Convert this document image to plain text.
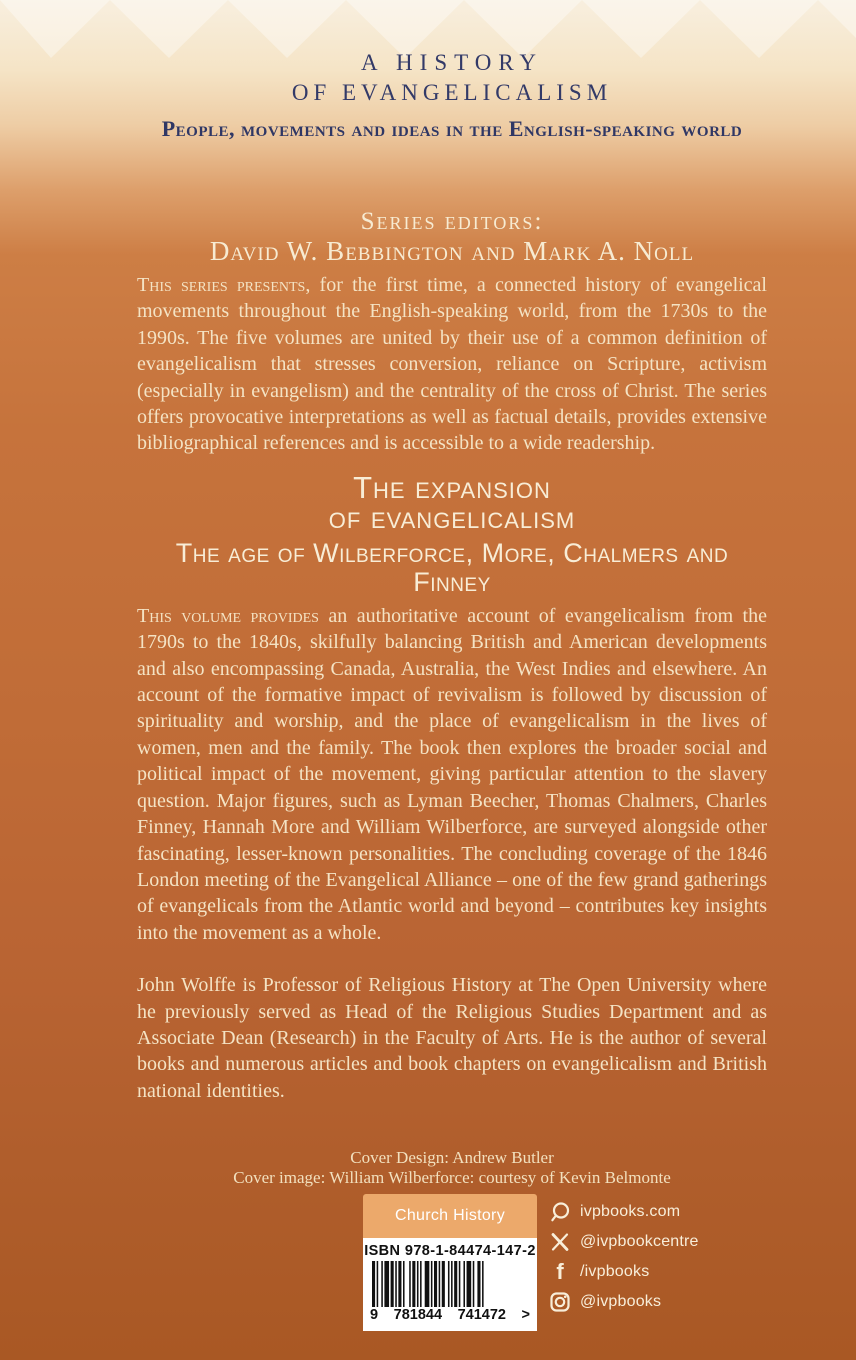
A HISTORY
OF EVANGELICALISM
People, movements and ideas in the English-speaking world
Series editors:
David W. Bebbington and Mark A. Noll

This series presents, for the first time, a connected history of evangelical movements throughout the English-speaking world, from the 1730s to the 1990s. The five volumes are united by their use of a common definition of evangelicalism that stresses conversion, reliance on Scripture, activism (especially in evangelism) and the centrality of the cross of Christ. The series offers provocative interpretations as well as factual details, provides extensive bibliographical references and is accessible to a wide readership.

The expansion
of evangelicalism
The age of Wilberforce, More, Chalmers and Finney

This volume provides an authoritative account of evangelicalism from the 1790s to the 1840s, skilfully balancing British and American developments and also encompassing Canada, Australia, the West Indies and elsewhere. An account of the formative impact of revivalism is followed by discussion of spirituality and worship, and the place of evangelicalism in the lives of women, men and the family. The book then explores the broader social and political impact of the movement, giving particular attention to the slavery question. Major figures, such as Lyman Beecher, Thomas Chalmers, Charles Finney, Hannah More and William Wilberforce, are surveyed alongside other fascinating, lesser-known personalities. The concluding coverage of the 1846 London meeting of the Evangelical Alliance – one of the few grand gatherings of evangelicals from the Atlantic world and beyond – contributes key insights into the movement as a whole.

John Wolffe is Professor of Religious History at The Open University where he previously served as Head of the Religious Studies Department and as Associate Dean (Research) in the Faculty of Arts. He is the author of several books and numerous articles and book chapters on evangelicalism and British national identities.

Cover Design: Andrew Butler
Cover image: William Wilberforce: courtesy of Kevin Belmonte
Church History
ISBN 978-1-84474-147-2
9 781844 741472 >
ivpbooks.com
@ivpbookcentre
f /ivpbooks
@ivpbooks
